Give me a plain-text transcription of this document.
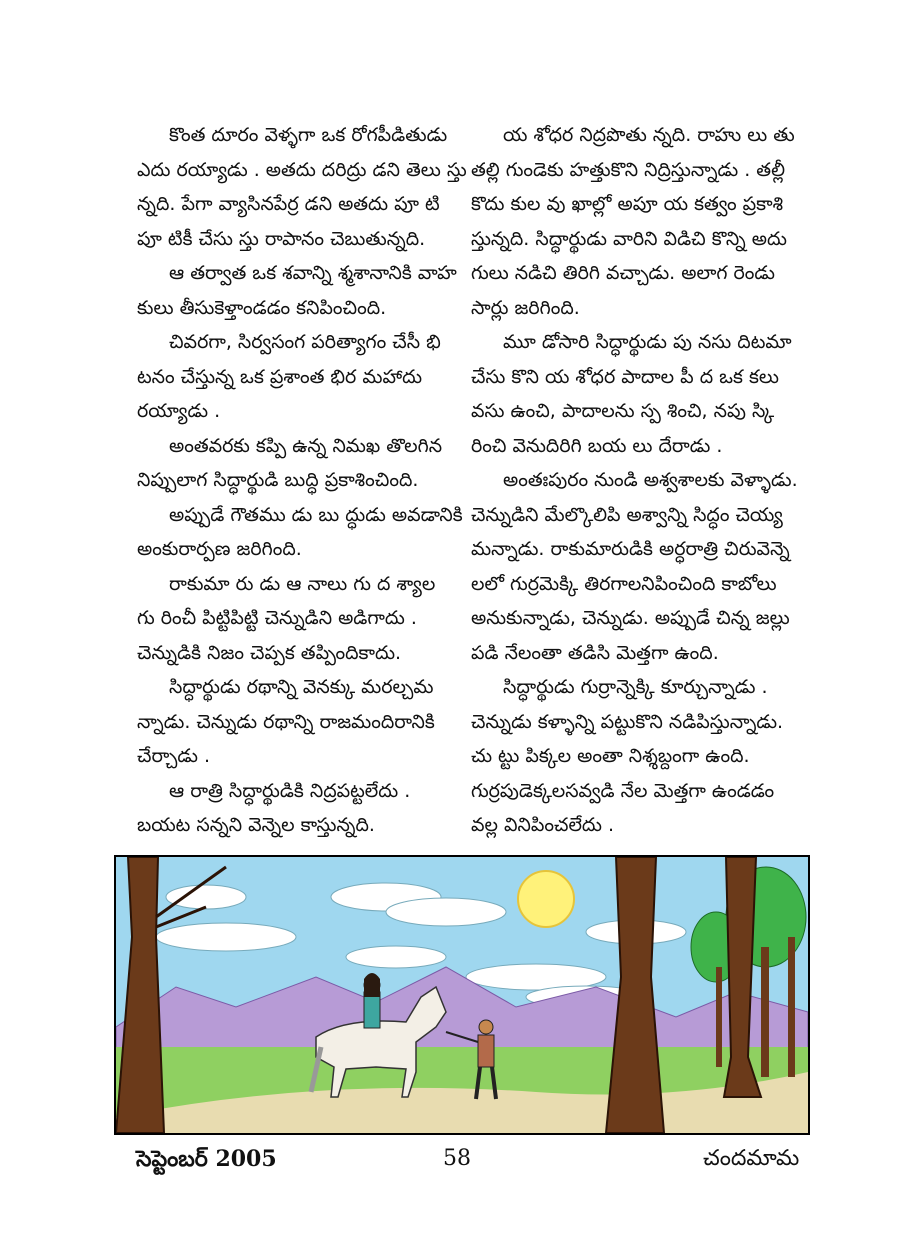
కొంత దూరం వెళ్ళగా ఒక రోగపీడితుడు
ఎదు రయ్యాడు . అతదు దరిద్రు డని తెలు స్తు
న్నది. పేగా వ్యాసినపేర్ర డని అతదు పూ టి
పూ టికీ చేసు స్తు రాపానం చెబుతున్నది.

ఆ తర్వాత ఒక శవాన్ని శ్మశానానికి వాహ
కులు తీసుకెళ్తాండడం కనిపించింది.

చివరగా, సిర్వసంగ పరిత్యాగం చేసీ భి
టనం చేస్తున్న ఒక ప్రశాంత భిర మహాదు
రయ్యాడు .

అంతవరకు కప్పి ఉన్న నిమఖ తొలగిన
నిప్పులాగ సిద్ధార్థుడి బుద్ధి ప్రకాశించింది.

అప్పుడే గౌతము డు బు ద్ధుడు అవడానికి
అంకురార్పణ జరిగింది.

రాకుమా రు డు ఆ నాలు గు ద శ్యాల
గు రించీ పిట్టిపిట్టి చెన్నుడిని అడిగాదు .
చెన్నుడికి నిజం చెప్పక తప్పిందికాదు.

సిద్ధార్థుడు రథాన్ని వెనక్కు మరల్చమ
న్నాడు. చెన్నుడు రథాన్ని రాజమందిరానికి
చేర్చాడు .

ఆ రాత్రి సిద్ధార్థుడికి నిద్రపట్టలేదు .
బయట సన్నని వెన్నెల కాస్తున్నది.

య శోధర నిద్రపొతు న్నది. రాహు లు తు
తల్లి గుండెకు హత్తుకొని నిద్రిస్తున్నాడు . తల్లీ
కొదు కుల వు ఖాల్లో అపూ య కత్వం ప్రకాశి
స్తున్నది. సిద్ధార్థుడు వారిని విడిచి కొన్ని అదు
గులు నడిచి తిరిగి వచ్చాడు. అలాగ రెండు
సార్లు జరిగింది.

మూ డోసారి సిద్ధార్థుడు పు నసు దిటమా
చేసు కొని య శోధర పాదాల పీ ద ఒక కలు
వసు ఉంచి, పాదాలను స్ప శించి, నపు స్కి
రించి వెనుదిరిగి బయ లు దేరాడు .

అంతఃపురం నుండి అశ్వశాలకు వెళ్ళాడు.
చెన్నుడిని మేల్కొలిపి అశ్వాన్ని సిద్ధం చెయ్య
మన్నాడు. రాకుమారుడికి అర్ధరాత్రి చిరువెన్నె
లలో గుర్రమెక్కి తిరగాలనిపించింది కాబోలు
అనుకున్నాడు, చెన్నుడు. అప్పుడే చిన్న జల్లు
పడి నేలంతా తడిసి మెత్తగా ఉంది.

సిద్ధార్థుడు గుర్రాన్నెక్కి కూర్చున్నాడు .
చెన్నుడు కళ్ళాన్ని పట్టుకొని నడిపిస్తున్నాడు.
చు ట్టు పిక్కల అంతా నిశ్శబ్దంగా ఉంది.
గుర్రపుడెక్కలసవ్వడి నేల మెత్తగా ఉండడం
వల్ల వినిపించలేదు .

సెప్టెంబర్ 2005	58	చందమామ
